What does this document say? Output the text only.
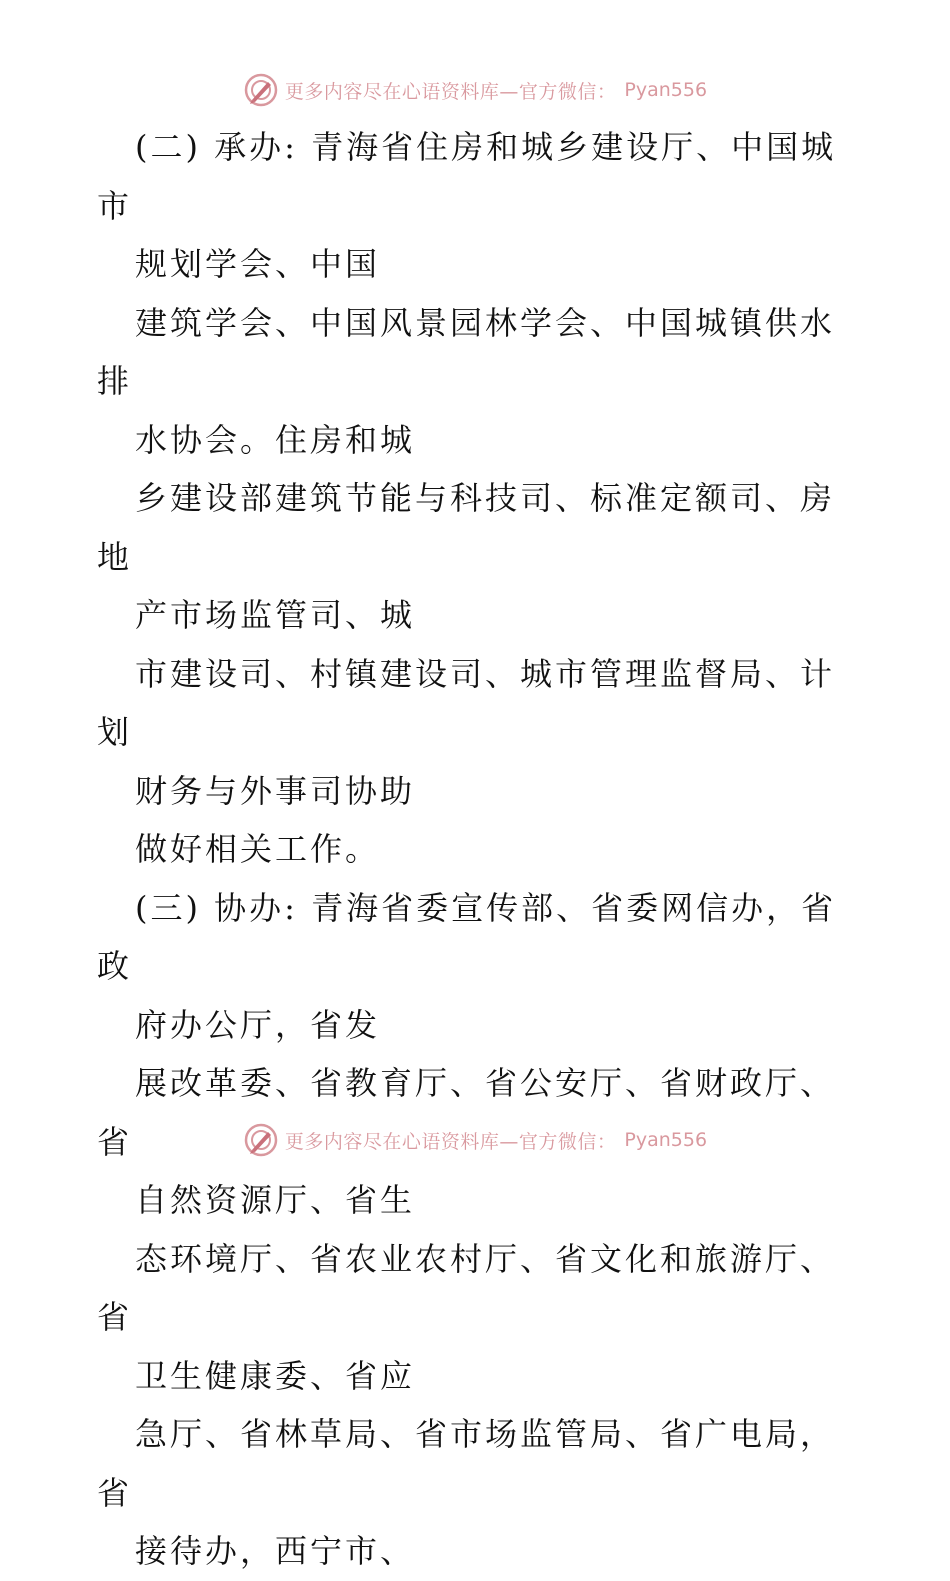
更多内容尽在心语资料库—官方微信： Pyan556

(二) 承办: 青海省住房和城乡建设厅、中国城市

规划学会、中国

建筑学会、中国风景园林学会、中国城镇供水排

水协会。住房和城

乡建设部建筑节能与科技司、标准定额司、房地

产市场监管司、城

市建设司、村镇建设司、城市管理监督局、计划

财务与外事司协助

做好相关工作。

(三) 协办: 青海省委宣传部、省委网信办，省政

府办公厅，省发

展改革委、省教育厅、省公安厅、省财政厅、省

自然资源厅、省生

态环境厅、省农业农村厅、省文化和旅游厅、省

卫生健康委、省应

急厅、省林草局、省市场监管局、省广电局，省

接待办，西宁市、

更多内容尽在心语资料库—官方微信： Pyan556
